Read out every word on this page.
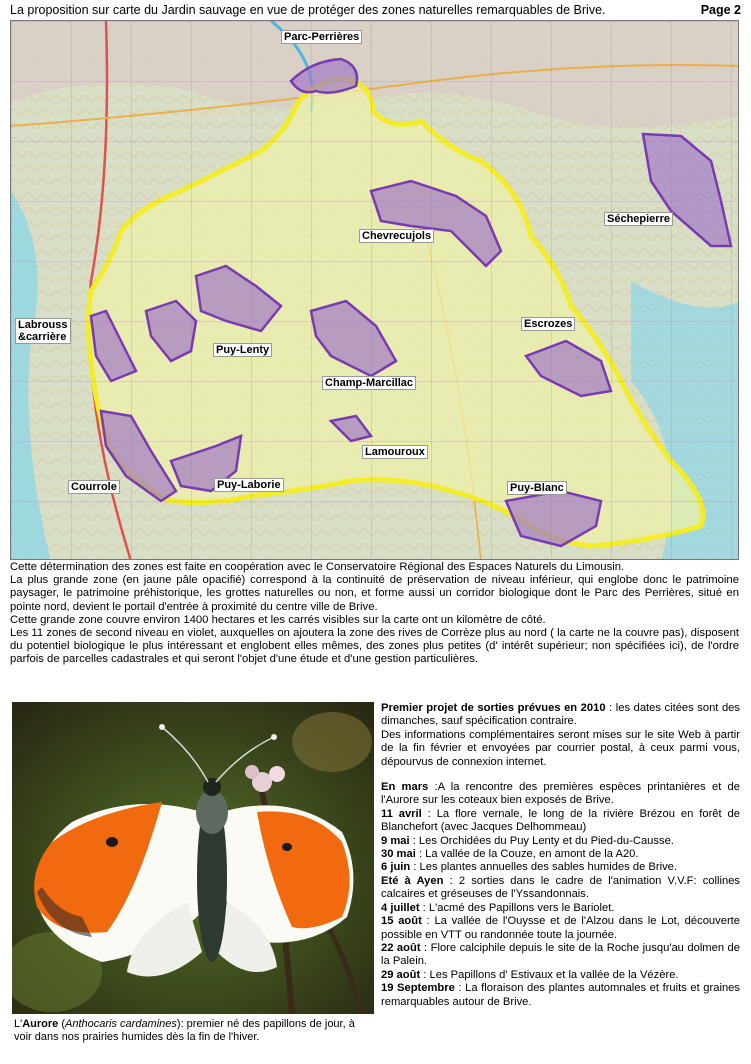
La proposition sur carte du Jardin sauvage en vue de protéger des zones naturelles remarquables de Brive.	Page 2
Parc-Perrières
Séchepierre
Chevrecujols
Labrouss
&carrière
Puy-Lenty
Escrozes
Champ-Marcillac
Lamouroux
Courrole	Puy-Laborie	Puy-Blanc

Cette détermination des zones est faite en coopération avec le Conservatoire Régional des Espaces Naturels du Limousin.

La plus grande zone (en jaune pâle opacifié) correspond à la continuité de préservation de niveau inférieur, qui englobe donc le patrimoine paysager, le patrimoine préhistorique, les grottes naturelles ou non, et forme aussi un corridor biologique dont le Parc des Perrières, situé en pointe nord, devient le portail d'entrée à proximité du centre ville de Brive.

Cette grande zone couvre environ 1400 hectares et les carrés visibles sur la carte ont un kilomètre de côté.

Les 11 zones de second niveau en violet, auxquelles on ajoutera la zone des rives de Corrèze plus au nord ( la carte ne la couvre pas), disposent du potentiel biologique le plus intéressant et englobent elles mêmes, des zones plus petites (d' intérêt supérieur; non spécifiées ici), de l'ordre parfois de parcelles cadastrales et qui seront l'objet d'une étude et d'une gestion particulières.

L'Aurore (Anthocaris cardamines): premier né des papillons de jour, à voir dans nos prairies humides dès la fin de l'hiver.

Premier projet de sorties prévues en 2010 : les dates citées sont des dimanches, sauf spécification contraire.

Des informations complémentaires seront mises sur le site Web à partir de la fin février et envoyées par courrier postal, à ceux parmi vous, dépourvus de connexion internet.

En mars :A la rencontre des premières espèces printanières et de l'Aurore sur les coteaux bien exposés de Brive.

11 avril : La flore vernale, le long de la rivière Brézou en forêt de Blanchefort (avec Jacques Delhommeau)

9 mai : Les Orchidées du Puy Lenty et du Pied-du-Causse.

30 mai : La vallée de la Couze, en amont de la A20.

6 juin : Les plantes annuelles des sables humides de Brive.

Eté à Ayen : 2 sorties dans le cadre de l'animation V.V.F: collines calcaires et gréseuses de l'Yssandonnais.

4 juillet : L'acmé des Papillons vers le Bariolet.

15 août : La vallée de l'Ouysse et de l'Alzou dans le Lot, découverte possible en VTT ou randonnée toute la journée.

22 août : Flore calciphile depuis le site de la Roche jusqu'au dolmen de la Palein.

29 août : Les Papillons d' Estivaux et la vallée de la Vézère.

19 Septembre : La floraison des plantes automnales et fruits et graines remarquables autour de Brive.
